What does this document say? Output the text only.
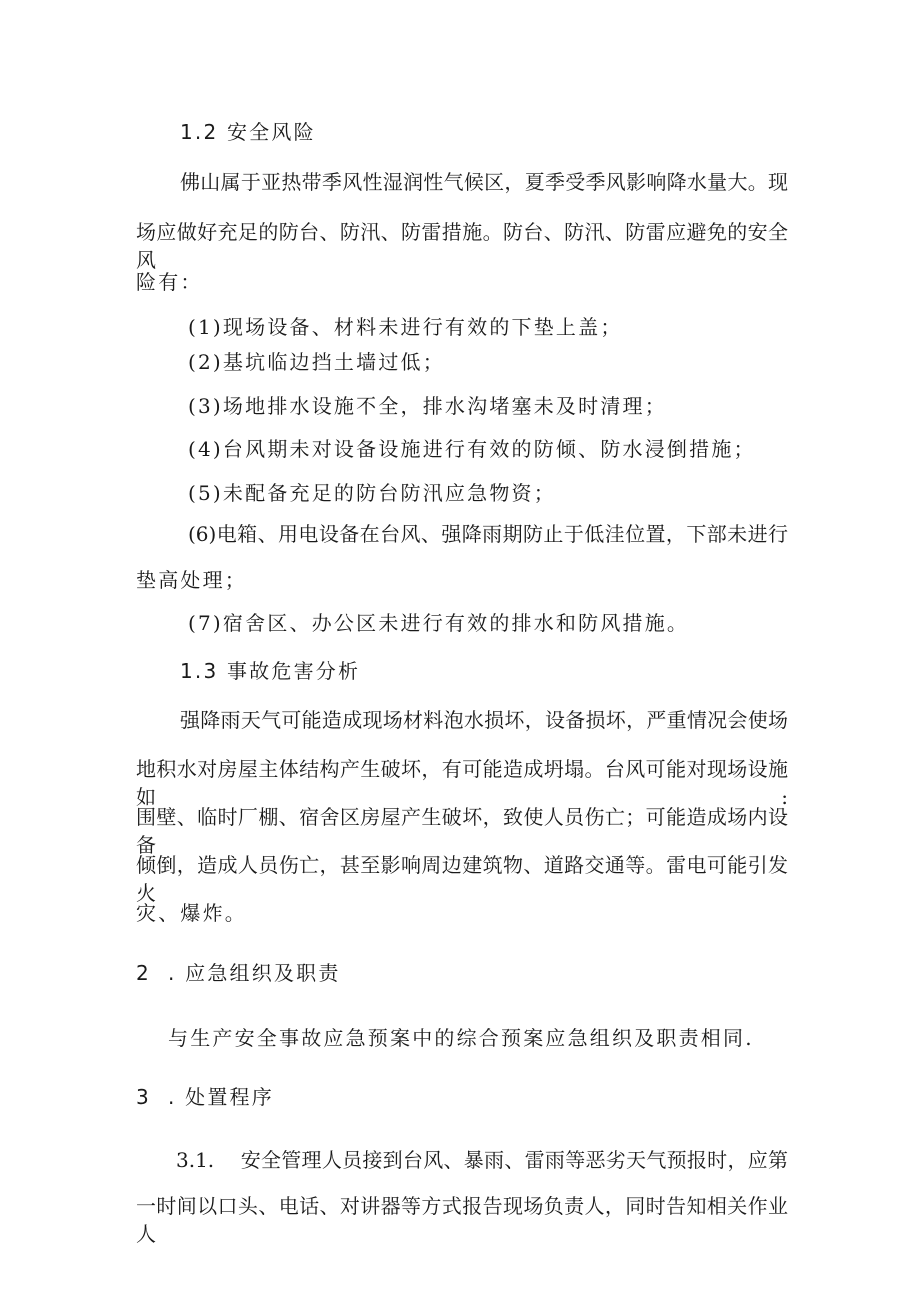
1.2 安全风险
佛山属于亚热带季风性湿润性气候区，夏季受季风影响降水量大。现
场应做好充足的防台、防汛、防雷措施。防台、防汛、防雷应避免的安全风
险有：
(1)现场设备、材料未进行有效的下垫上盖；
(2)基坑临边挡土墙过低；
(3)场地排水设施不全，排水沟堵塞未及时清理；
(4)台风期未对设备设施进行有效的防倾、防水浸倒措施；
(5)未配备充足的防台防汛应急物资；
(6)电箱、用电设备在台风、强降雨期防止于低洼位置，下部未进行
垫高处理；
(7)宿舍区、办公区未进行有效的排水和防风措施。
1.3 事故危害分析
强降雨天气可能造成现场材料泡水损坏，设备损坏，严重情况会使场
地积水对房屋主体结构产生破坏，有可能造成坍塌。台风可能对现场设施如:
围壁、临时厂棚、宿舍区房屋产生破坏，致使人员伤亡；可能造成场内设备
倾倒，造成人员伤亡，甚至影响周边建筑物、道路交通等。雷电可能引发火
灾、爆炸。
2  . 应急组织及职责
与生产安全事故应急预案中的综合预案应急组织及职责相同.
3  . 处置程序
3.1.    安全管理人员接到台风、暴雨、雷雨等恶劣天气预报时，应第
一时间以口头、电话、对讲器等方式报告现场负责人，同时告知相关作业人
